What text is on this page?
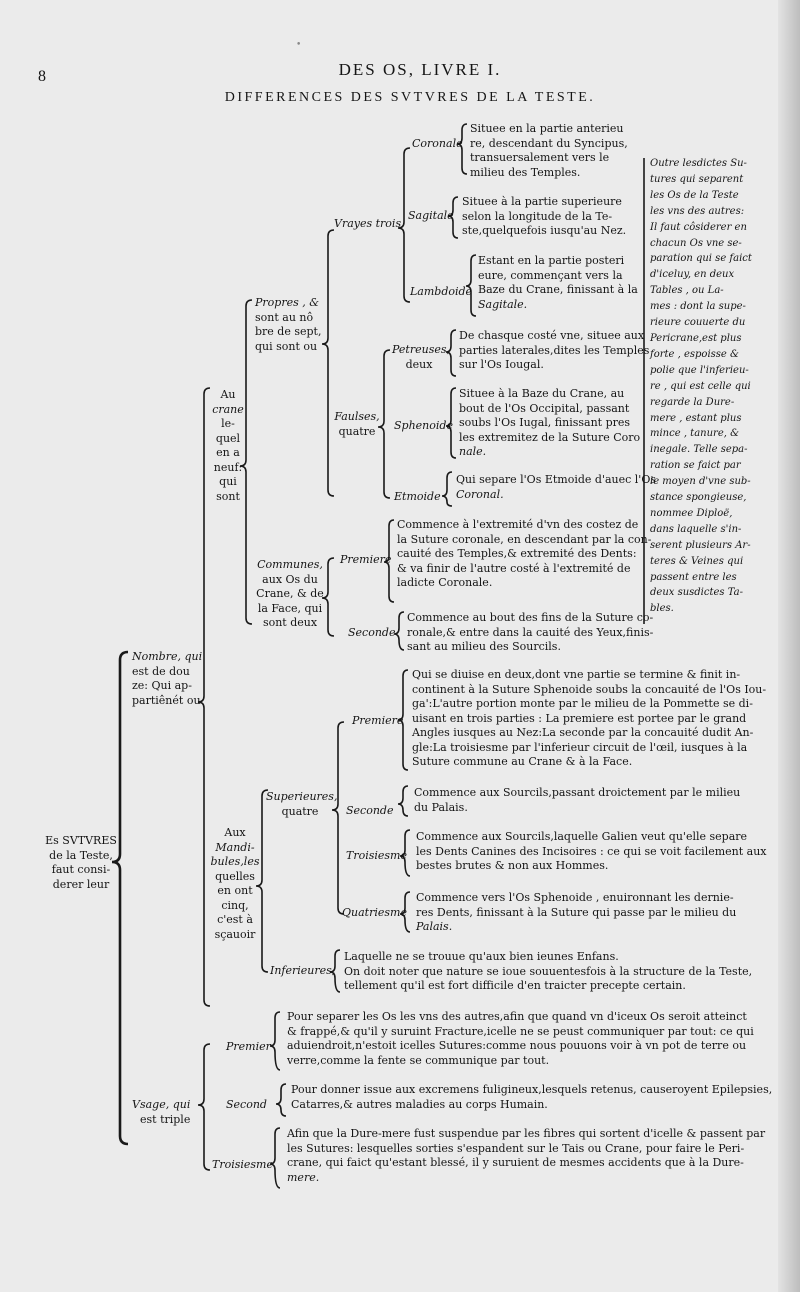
•
8	DES OS, LIVRE I.
DIFFERENCES DES SVTVRES DE LA TESTE.
Es SVTVRES
de la Teste,
faut consi-
derer leur
Nombre, qui
est de dou
ze: Qui ap-
partiênét ou
Vsage, qui
est triple
Au
crane
le-
quel
en a
neuf:
qui
sont
Aux
Mandi-
bules,les
quelles
en ont
cinq,
c'est à
sçauoir
Propres , &
sont au nô
bre de sept,
qui sont ou
Communes,
aux Os du
Crane, & de
la Face, qui
sont deux
Vrayes trois
Faulses,
quatre
Coronale
Situee en la partie anterieu
re, descendant du Syncipus,
transuersalement vers le
milieu des Temples.
Sagitale
Situee à la partie superieure
selon la longitude de la Te-
ste,quelquefois iusqu'au Nez.
Lambdoide
Estant en la partie posteri
eure, commençant vers la
Baze du Crane, finissant à la
Sagitale.
Petreuses,
deux
De chasque costé vne, situee aux
parties laterales,dites les Temples
sur l'Os Iougal.
Sphenoide
Situee à la Baze du Crane, au
bout de l'Os Occipital, passant
soubs l'Os Iugal, finissant pres
les extremitez de la Suture Coro
nale.
Etmoide
Qui separe l'Os Etmoide d'auec l'Os
Coronal.
Premiere
Commence à l'extremité d'vn des costez de
la Suture coronale, en descendant par la con-
cauité des Temples,& extremité des Dents:
& va finir de l'autre costé à l'extremité de
ladicte Coronale.
Seconde
Commence au bout des fins de la Suture co-
ronale,& entre dans la cauité des Yeux,finis-
sant au milieu des Sourcils.
Outre lesdictes Su-
tures qui separent
les Os de la Teste
les vns des autres:
Il faut côsiderer en
chacun Os vne se-
paration qui se faict
d'iceluy, en deux
Tables , ou La-
mes : dont la supe-
rieure couuerte du
Pericrane,est plus
forte , espoisse &
polie que l'inferieu-
re , qui est celle qui
regarde la Dure-
mere , estant plus
mince , tanure, &
inegale. Telle sepa-
ration se faict par
le moyen d'vne sub-
stance spongieuse,
nommee Diploë,
dans laquelle s'in-
serent plusieurs Ar-
teres & Veines qui
passent entre les
deux susdictes Ta-
bles.
Superieures,
quatre
Inferieures,
Premiere
Qui se diuise en deux,dont vne partie se termine & finit in-
continent à la Suture Sphenoide soubs la concauité de l'Os Iou-
ga':L'autre portion monte par le milieu de la Pommette se di-
uisant en trois parties : La premiere est portee par le grand
Angles iusques au Nez:La seconde par la concauité dudit An-
gle:La troisiesme par l'inferieur circuit de l'œil, iusques à la
Suture commune au Crane & à la Face.
Seconde
Commence aux Sourcils,passant droictement par le milieu
du Palais.
Troisiesme
Commence aux Sourcils,laquelle Galien veut qu'elle separe
les Dents Canines des Incisoires : ce qui se voit facilement aux
bestes brutes & non aux Hommes.
Quatriesme
Commence vers l'Os Sphenoide , enuironnant les dernie-
res Dents, finissant à la Suture qui passe par le milieu du
Palais.
Laquelle ne se trouue qu'aux bien ieunes Enfans.
On doit noter que nature se ioue souuentesfois à la structure de la Teste,
tellement qu'il est fort difficile d'en traicter precepte certain.
Premier
Pour separer les Os les vns des autres,afin que quand vn d'iceux Os seroit atteinct
& frappé,& qu'il y suruint Fracture,icelle ne se peust communiquer par tout: ce qui
aduiendroit,n'estoit icelles Sutures:comme nous pouuons voir à vn pot de terre ou
verre,comme la fente se communique par tout.
Second
Pour donner issue aux excremens fuligineux,lesquels retenus, causeroyent Epilepsies,
Catarres,& autres maladies au corps Humain.
Troisiesme
Afin que la Dure-mere fust suspendue par les fibres qui sortent d'icelle & passent par
les Sutures: lesquelles sorties s'espandent sur le Tais ou Crane, pour faire le Peri-
crane, qui faict qu'estant blessé, il y suruient de mesmes accidents que à la Dure-
mere.
